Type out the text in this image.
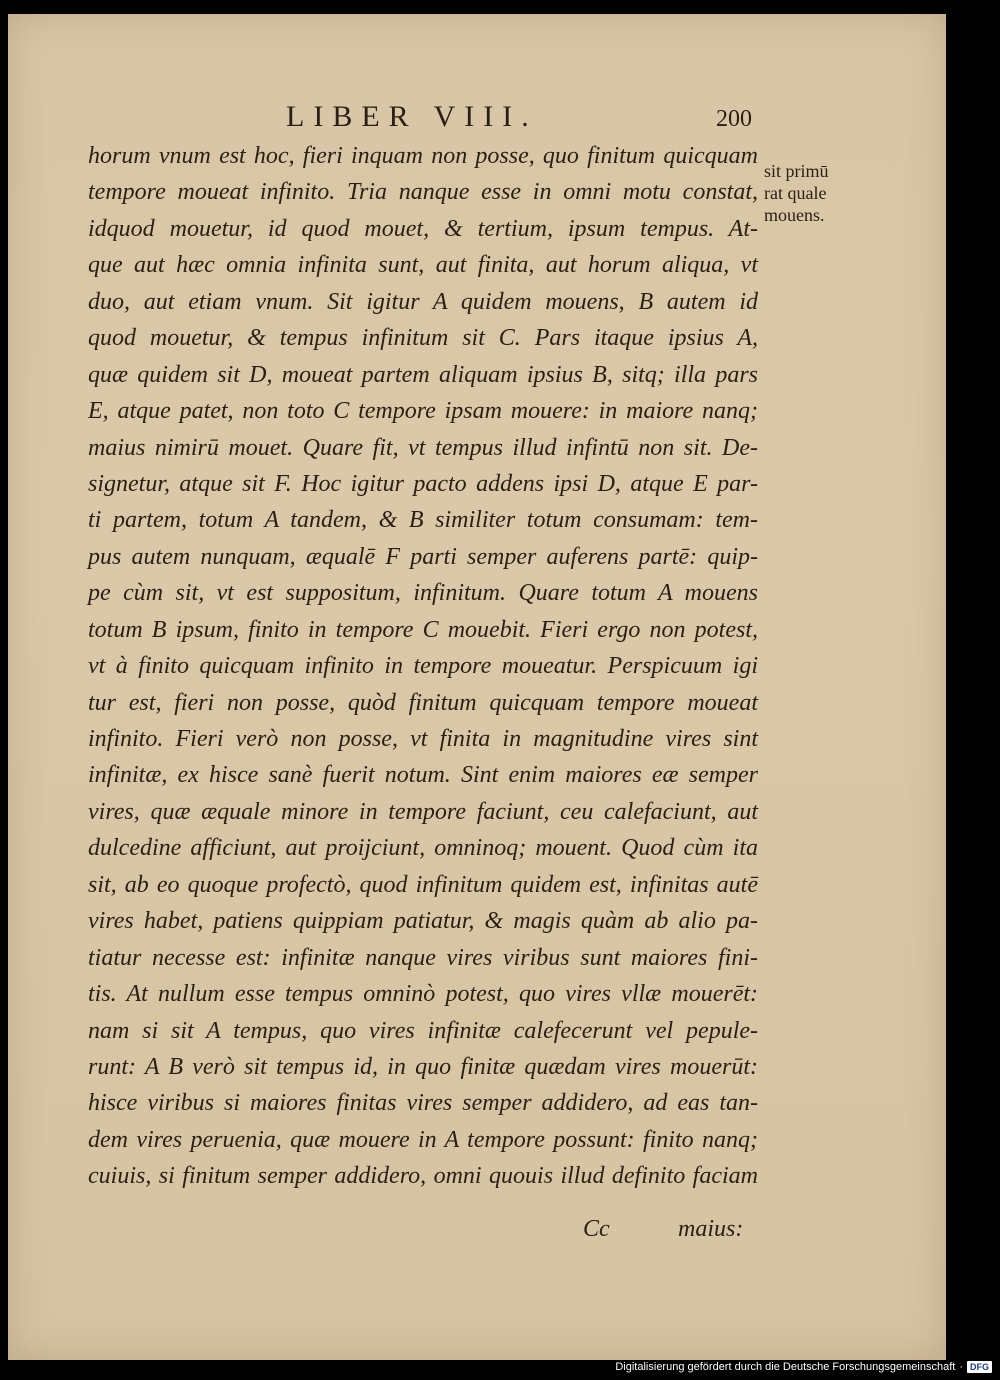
LIBER VIII.	200
horum vnum est hoc, fieri inquam non posse, quo finitum quicquam
tempore moueat infinito. Tria nanque esse in omni motu constat,
idquod mouetur, id quod mouet, & tertium, ipsum tempus. At-
que aut hæc omnia infinita sunt, aut finita, aut horum aliqua, vt
duo, aut etiam vnum. Sit igitur A quidem mouens, B autem id
quod mouetur, & tempus infinitum sit C. Pars itaque ipsius A,
quæ quidem sit D, moueat partem aliquam ipsius B, sitq; illa pars
E, atque patet, non toto C tempore ipsam mouere: in maiore nanq;
maius nimirū mouet. Quare fit, vt tempus illud infintū non sit. De-
signetur, atque sit F. Hoc igitur pacto addens ipsi D, atque E par-
ti partem, totum A tandem, & B similiter totum consumam: tem-
pus autem nunquam, æqualē F parti semper auferens partē: quip-
pe cùm sit, vt est suppositum, infinitum. Quare totum A mouens
totum B ipsum, finito in tempore C mouebit. Fieri ergo non potest,
vt à finito quicquam infinito in tempore moueatur. Perspicuum igi
tur est, fieri non posse, quòd finitum quicquam tempore moueat
infinito. Fieri verò non posse, vt finita in magnitudine vires sint
infinitæ, ex hisce sanè fuerit notum. Sint enim maiores eæ semper
vires, quæ æquale minore in tempore faciunt, ceu calefaciunt, aut
dulcedine afficiunt, aut proijciunt, omninoq; mouent. Quod cùm ita
sit, ab eo quoque profectò, quod infinitum quidem est, infinitas autē
vires habet, patiens quippiam patiatur, & magis quàm ab alio pa-
tiatur necesse est: infinitæ nanque vires viribus sunt maiores fini-
tis. At nullum esse tempus omninò potest, quo vires vllæ mouerēt:
nam si sit A tempus, quo vires infinitæ calefecerunt vel pepule-
runt: A B verò sit tempus id, in quo finitæ quædam vires mouerūt:
hisce viribus si maiores finitas vires semper addidero, ad eas tan-
dem vires peruenia, quæ mouere in A tempore possunt: finito nanq;
cuiuis, si finitum semper addidero, omni quouis illud definito faciam
sit primū
rat quale
mouens.
Cc	maius:
Digitalisierung gefördert durch die Deutsche Forschungsgemeinschaft · DFG
